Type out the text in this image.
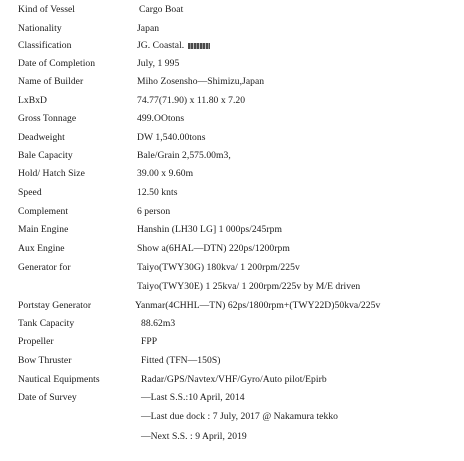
Kind of Vessel	Cargo Boat
Nationality	Japan
Classification	JG. Coastal.
Date of Completion	July, 1 995
Name of Builder	Miho Zosensho—Shimizu,Japan
LxBxD	74.77(71.90) x 11.80 x 7.20
Gross Tonnage	499.OOtons
Deadweight	DW 1,540.00tons
Bale Capacity	Bale/Grain 2,575.00m3,
Hold/ Hatch Size	39.00 x 9.60m
Speed	12.50 knts
Complement	6 person
Main Engine	Hanshin (LH30 LG] 1 000ps/245rpm
Aux Engine	Show a(6HAL—DTN) 220ps/1200rpm
Generator for	Taiyo(TWY30G) 180kva/ 1 200rpm/225v
Taiyo(TWY30E) 1 25kva/ 1 200rpm/225v by M/E driven
Portstay Generator	Yanmar(4CHHL—TN) 62ps/1800rpm+(TWY22D)50kva/225v
Tank Capacity	88.62m3
Propeller	FPP
Bow Thruster	Fitted (TFN—150S)
Nautical Equipments	Radar/GPS/Navtex/VHF/Gyro/Auto pilot/Epirb
Date of Survey	—Last S.S.:10 April, 2014
—Last due dock : 7 July, 2017 @ Nakamura tekko
—Next S.S. : 9 April, 2019
